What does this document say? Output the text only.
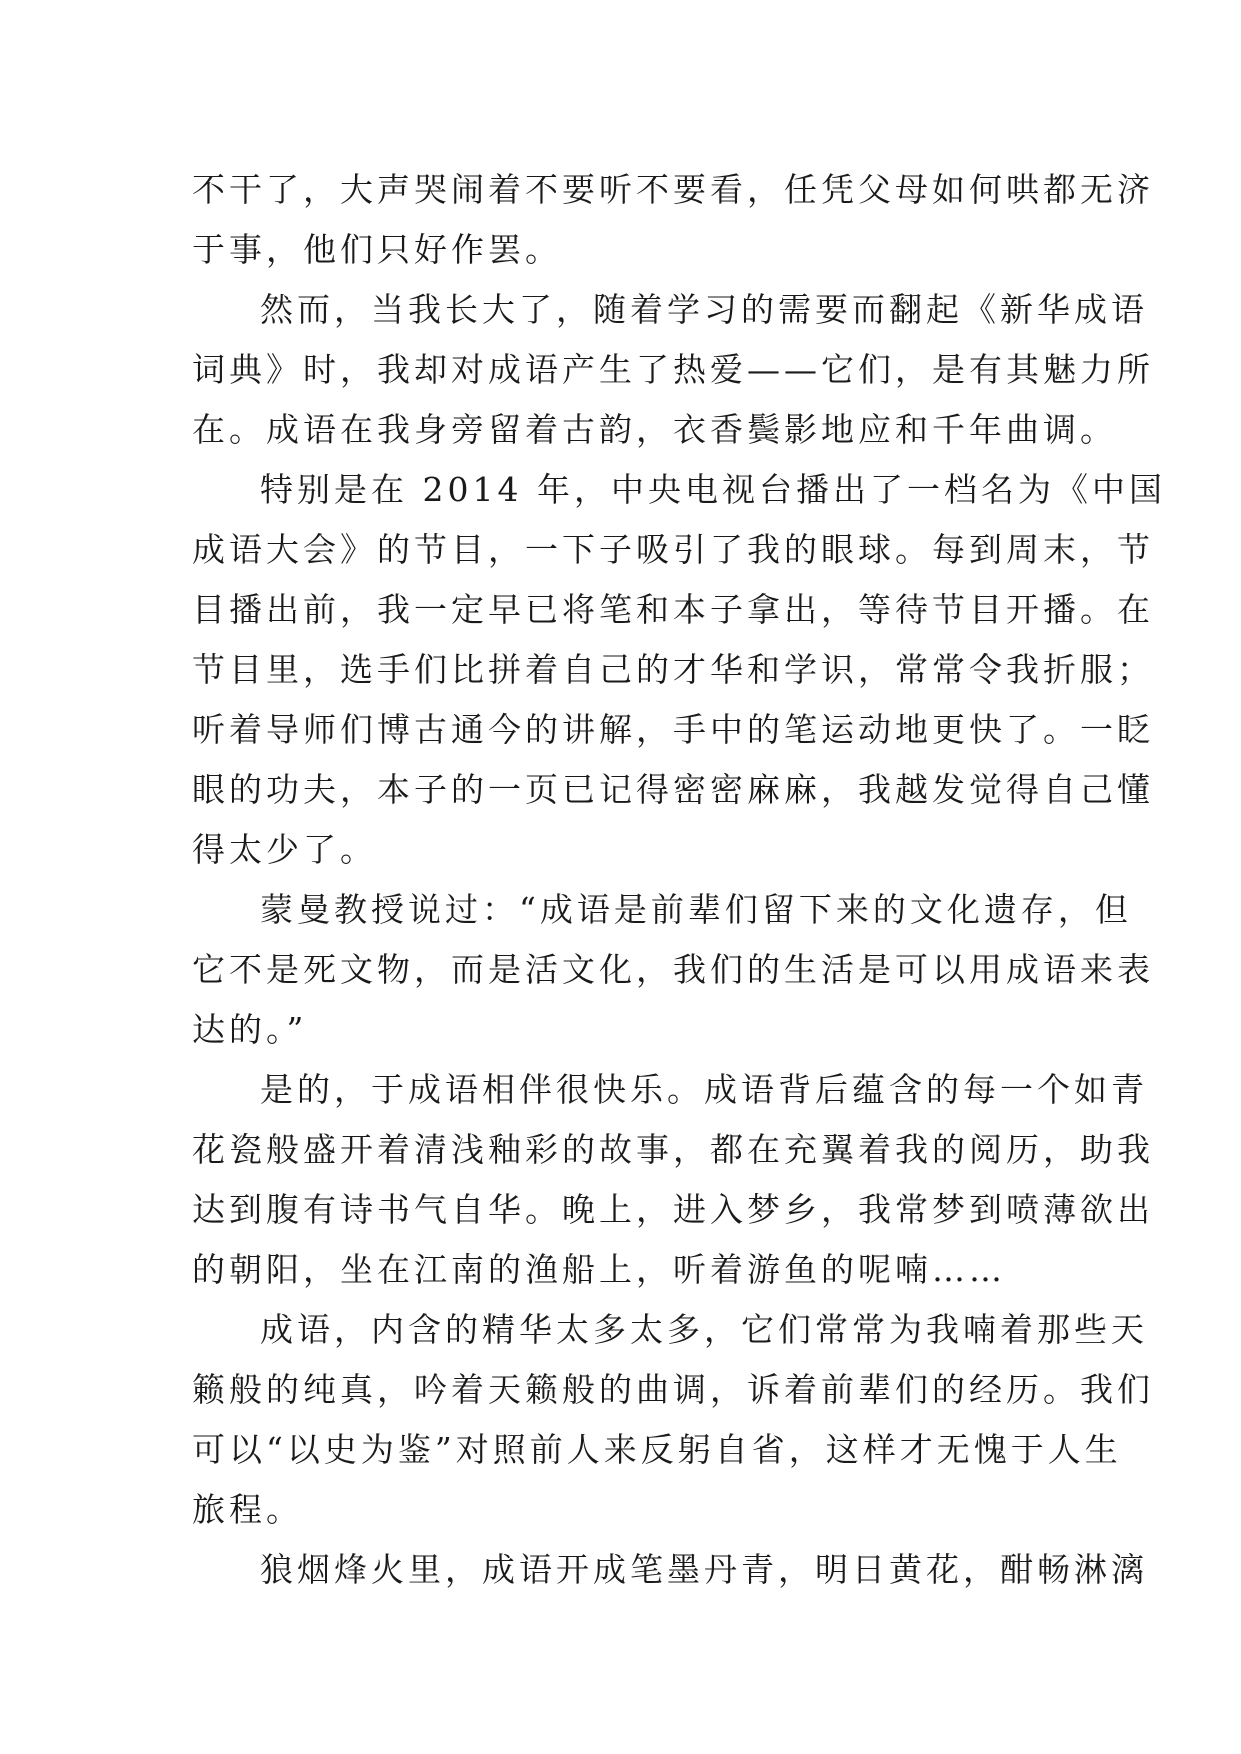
不干了，大声哭闹着不要听不要看，任凭父母如何哄都无济
于事，他们只好作罢。
然而，当我长大了，随着学习的需要而翻起《新华成语
词典》时，我却对成语产生了热爱——它们，是有其魅力所
在。成语在我身旁留着古韵，衣香鬓影地应和千年曲调。
特别是在 2014 年，中央电视台播出了一档名为《中国
成语大会》的节目，一下子吸引了我的眼球。每到周末，节
目播出前，我一定早已将笔和本子拿出，等待节目开播。在
节目里，选手们比拼着自己的才华和学识，常常令我折服；
听着导师们博古通今的讲解，手中的笔运动地更快了。一眨
眼的功夫，本子的一页已记得密密麻麻，我越发觉得自己懂
得太少了。
蒙曼教授说过：“成语是前辈们留下来的文化遗存，但
它不是死文物，而是活文化，我们的生活是可以用成语来表
达的。”
是的，于成语相伴很快乐。成语背后蕴含的每一个如青
花瓷般盛开着清浅釉彩的故事，都在充翼着我的阅历，助我
达到腹有诗书气自华。晚上，进入梦乡，我常梦到喷薄欲出
的朝阳，坐在江南的渔船上，听着游鱼的呢喃……
成语，内含的精华太多太多，它们常常为我喃着那些天
籁般的纯真，吟着天籁般的曲调，诉着前辈们的经历。我们
可以“以史为鉴”对照前人来反躬自省，这样才无愧于人生
旅程。
狼烟烽火里，成语开成笔墨丹青，明日黄花，酣畅淋漓
